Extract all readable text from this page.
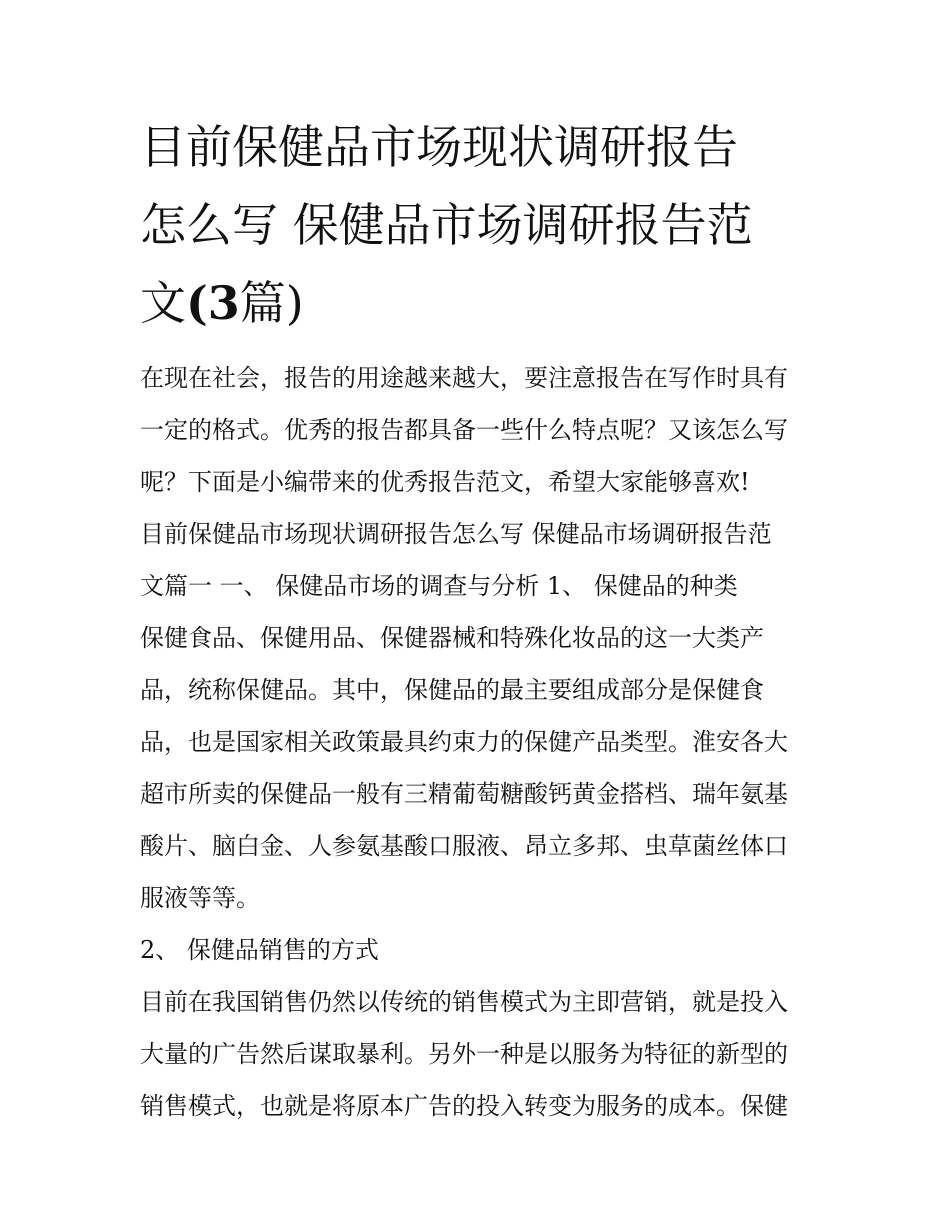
目前保健品市场现状调研报告
怎么写 保健品市场调研报告范
文(3篇)
在现在社会，报告的用途越来越大，要注意报告在写作时具有
一定的格式。优秀的报告都具备一些什么特点呢？又该怎么写
呢？下面是小编带来的优秀报告范文，希望大家能够喜欢!
目前保健品市场现状调研报告怎么写 保健品市场调研报告范
文篇一 一、 保健品市场的调查与分析 1、 保健品的种类
保健食品、保健用品、保健器械和特殊化妆品的这一大类产
品，统称保健品。其中，保健品的最主要组成部分是保健食
品，也是国家相关政策最具约束力的保健产品类型。淮安各大
超市所卖的保健品一般有三精葡萄糖酸钙黄金搭档、瑞年氨基
酸片、脑白金、人参氨基酸口服液、昂立多邦、虫草菌丝体口
服液等等。
2、 保健品销售的方式
目前在我国销售仍然以传统的销售模式为主即营销，就是投入
大量的广告然后谋取暴利。另外一种是以服务为特征的新型的
销售模式，也就是将原本广告的投入转变为服务的成本。保健
